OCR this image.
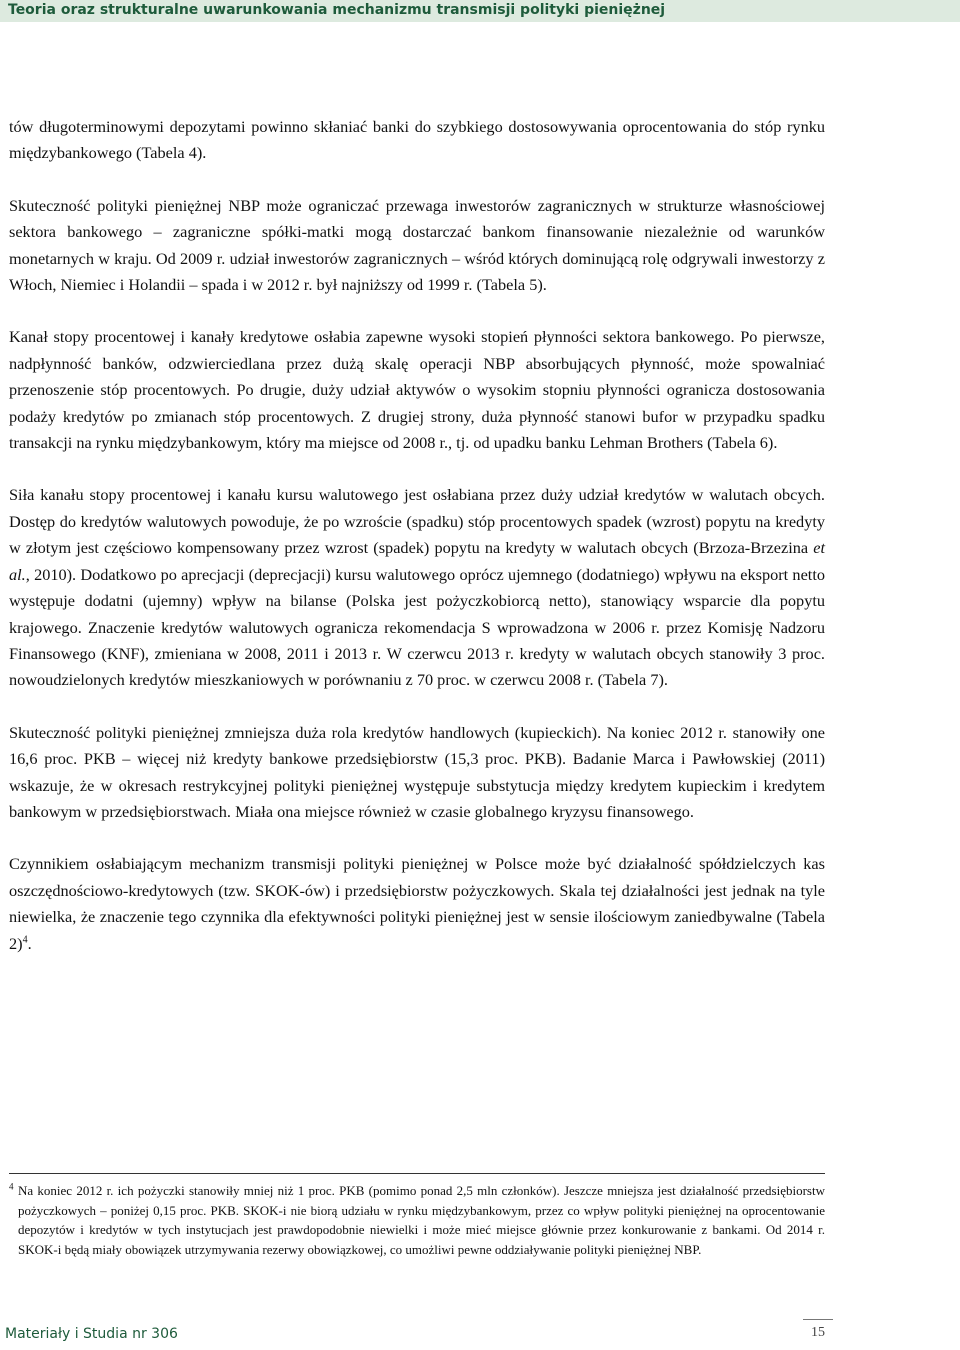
Teoria oraz strukturalne uwarunkowania mechanizmu transmisji polityki pieniężnej

tów długoterminowymi depozytami powinno skłaniać banki do szybkiego dostosowywania oprocentowania do stóp rynku międzybankowego (Tabela 4).

Skuteczność polityki pieniężnej NBP może ograniczać przewaga inwestorów zagranicznych w strukturze własnościowej sektora bankowego – zagraniczne spółki-matki mogą dostarczać bankom finansowanie niezależnie od warunków monetarnych w kraju. Od 2009 r. udział inwestorów zagranicznych – wśród których dominującą rolę odgrywali inwestorzy z Włoch, Niemiec i Holandii – spada i w 2012 r. był najniższy od 1999 r. (Tabela 5).

Kanał stopy procentowej i kanały kredytowe osłabia zapewne wysoki stopień płynności sektora bankowego. Po pierwsze, nadpłynność banków, odzwierciedlana przez dużą skalę operacji NBP absorbujących płynność, może spowalniać przenoszenie stóp procentowych. Po drugie, duży udział aktywów o wysokim stopniu płynności ogranicza dostosowania podaży kredytów po zmianach stóp procentowych. Z drugiej strony, duża płynność stanowi bufor w przypadku spadku transakcji na rynku międzybankowym, który ma miejsce od 2008 r., tj. od upadku banku Lehman Brothers (Tabela 6).

Siła kanału stopy procentowej i kanału kursu walutowego jest osłabiana przez duży udział kredytów w walutach obcych. Dostęp do kredytów walutowych powoduje, że po wzroście (spadku) stóp procentowych spadek (wzrost) popytu na kredyty w złotym jest częściowo kompensowany przez wzrost (spadek) popytu na kredyty w walutach obcych (Brzoza-Brzezina et al., 2010). Dodatkowo po aprecjacji (deprecjacji) kursu walutowego oprócz ujemnego (dodatniego) wpływu na eksport netto występuje dodatni (ujemny) wpływ na bilanse (Polska jest pożyczkobiorcą netto), stanowiący wsparcie dla popytu krajowego. Znaczenie kredytów walutowych ogranicza rekomendacja S wprowadzona w 2006 r. przez Komisję Nadzoru Finansowego (KNF), zmieniana w 2008, 2011 i 2013 r. W czerwcu 2013 r. kredyty w walutach obcych stanowiły 3 proc. nowoudzielonych kredytów mieszkaniowych w porównaniu z 70 proc. w czerwcu 2008 r. (Tabela 7).

Skuteczność polityki pieniężnej zmniejsza duża rola kredytów handlowych (kupieckich). Na koniec 2012 r. stanowiły one 16,6 proc. PKB – więcej niż kredyty bankowe przedsiębiorstw (15,3 proc. PKB). Badanie Marca i Pawłowskiej (2011) wskazuje, że w okresach restrykcyjnej polityki pieniężnej występuje substytucja między kredytem kupieckim i kredytem bankowym w przedsiębiorstwach. Miała ona miejsce również w czasie globalnego kryzysu finansowego.

Czynnikiem osłabiającym mechanizm transmisji polityki pieniężnej w Polsce może być działalność spółdzielczych kas oszczędnościowo-kredytowych (tzw. SKOK-ów) i przedsiębiorstw pożyczkowych. Skala tej działalności jest jednak na tyle niewielka, że znaczenie tego czynnika dla efektywności polityki pieniężnej jest w sensie ilościowym zaniedbywalne (Tabela 2)$^4$.

$^4$ Na koniec 2012 r. ich pożyczki stanowiły mniej niż 1 proc. PKB (pomimo ponad 2,5 mln członków). Jeszcze mniejsza jest działalność przedsiębiorstw pożyczkowych – poniżej 0,15 proc. PKB. SKOK-i nie biorą udziału w rynku międzybankowym, przez co wpływ polityki pieniężnej na oprocentowanie depozytów i kredytów w tych instytucjach jest prawdopodobnie niewielki i może mieć miejsce głównie przez konkurowanie z bankami. Od 2014 r. SKOK-i będą miały obowiązek utrzymywania rezerwy obowiązkowej, co umożliwi pewne oddziaływanie polityki pieniężnej NBP.
Materiały i Studia nr 306	15
